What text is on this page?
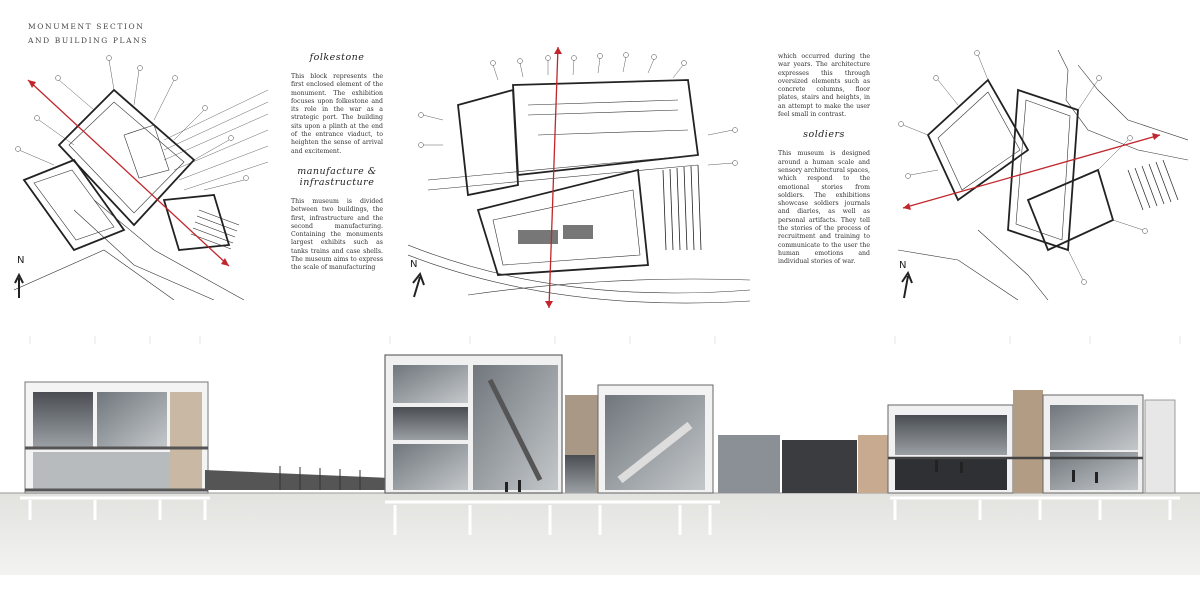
MONUMENT SECTION
AND BUILDING PLANS
N
folkestone

This block represents the first enclosed element of the monument. The exhibition focuses upon folkestone and its role in the war as a strategic port. The building sits upon a plinth at the end of the entrance viaduct, to heighten the sense of arrival and excitement.

manufacture & infrastructure

This museum is divided between two buildings, the first, infrastructure and the second manufacturing. Containing the monuments largest exhibits such as tanks trains and case shells. The museum aims to express the scale of manufacturing	N

which occurred during the war years. The architecture expresses this through oversized elements such as concrete columns, floor plates, stairs and heights, in an attempt to make the user feel small in contrast.

soldiers

This museum is designed around a human scale and sensory architectural spaces, which respond to the emotional stories from soldiers. The exhibitions showcase soldiers journals and diaries, as well as personal artifacts. They tell the stories of the process of recruitment and training to communicate to the user the human emotions and individual stories of war.	N
